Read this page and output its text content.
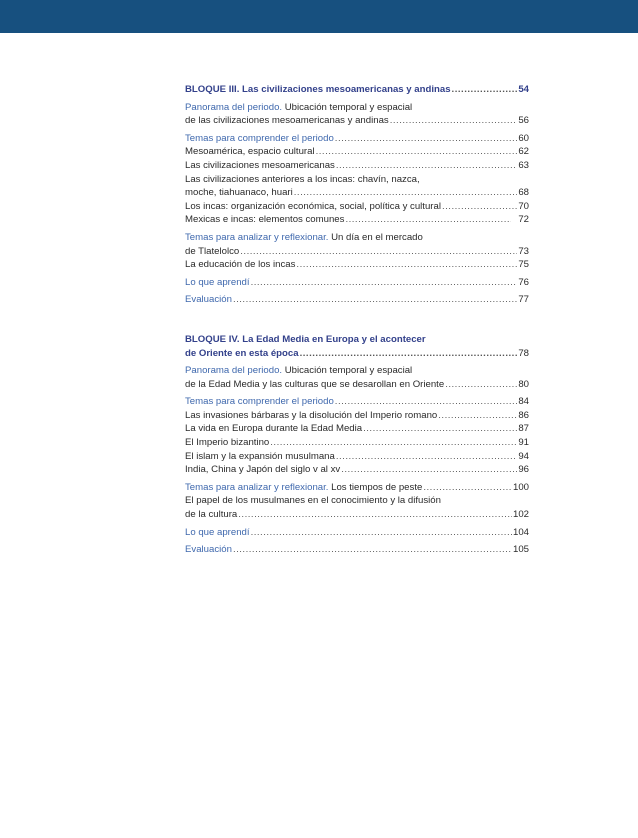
BLOQUE III. Las civilizaciones mesoamericanas y andinas .....	54
Panorama del periodo. Ubicación temporal y espacial
de las civilizaciones mesoamericanas y andinas .....	56
Temas para comprender el periodo .....	60
Mesoamérica, espacio cultural .....	62
Las civilizaciones mesoamericanas .....	63
Las civilizaciones anteriores a los incas: chavín, nazca,
moche, tiahuanaco, huari .....	68
Los incas: organización económica, social, política y cultural .....	70
Mexicas e incas: elementos comunes .....	72
Temas para analizar y reflexionar. Un día en el mercado
de Tlatelolco .....	73
La educación de los incas .....	75
Lo que aprendí .....	76
Evaluación .....	77
BLOQUE IV. La Edad Media en Europa y el acontecer
de Oriente en esta época .....	78
Panorama del periodo. Ubicación temporal y espacial
de la Edad Media y las culturas que se desarollan en Oriente .....	80
Temas para comprender el periodo .....	84
Las invasiones bárbaras y la disolución del Imperio romano .....	86
La vida en Europa durante la Edad Media .....	87
El Imperio bizantino .....	91
El islam y la expansión musulmana .....	94
India, China y Japón del siglo v al xv .....	96
Temas para analizar y reflexionar. Los tiempos de peste .....	100
El papel de los musulmanes en el conocimiento y la difusión
de la cultura .....	102
Lo que aprendí .....	104
Evaluación .....	105
